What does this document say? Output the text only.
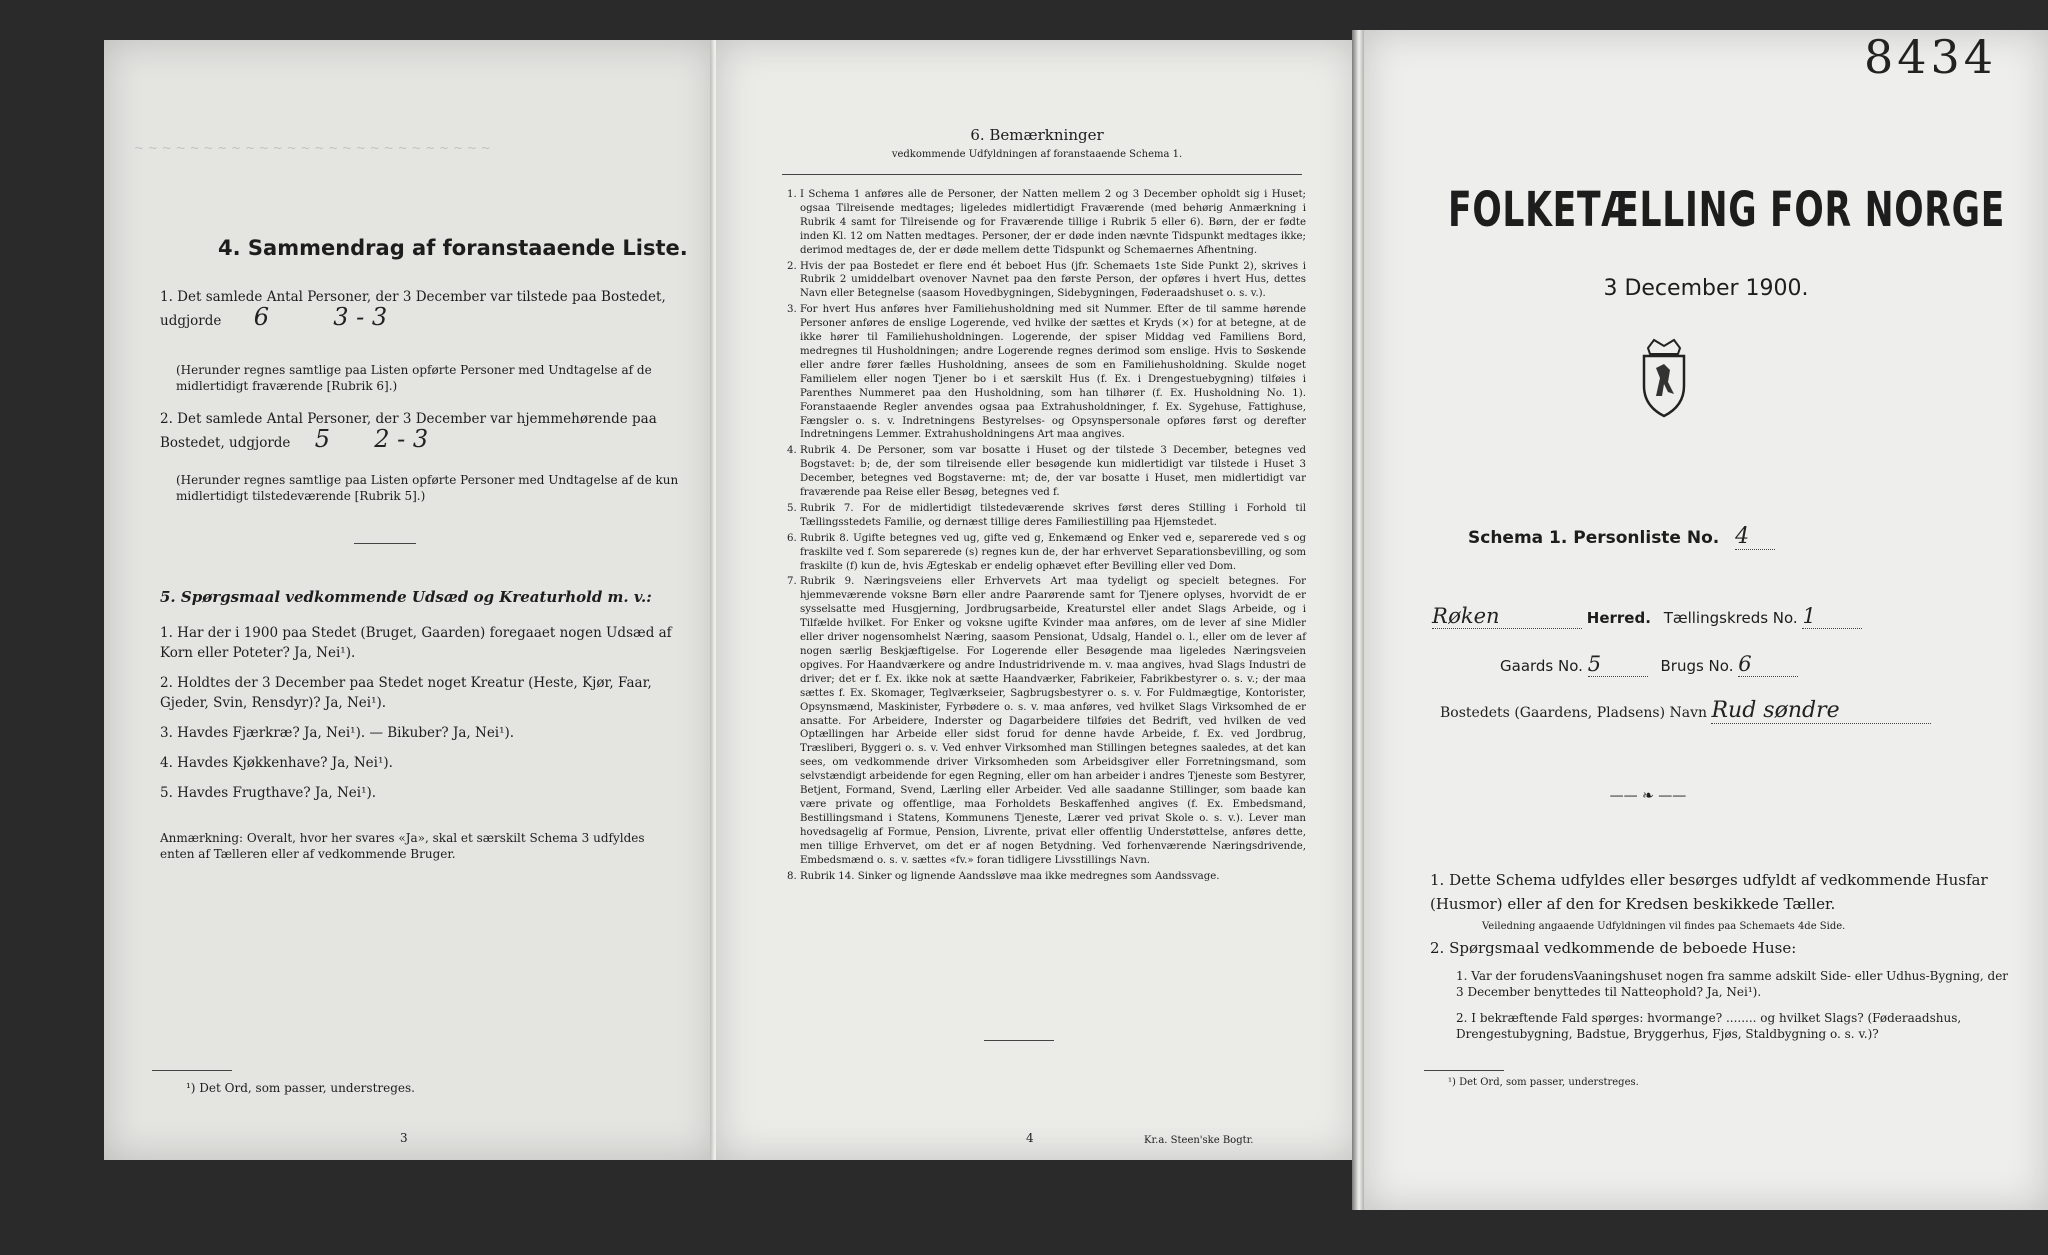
~ ~ ~ ~ ~ ~ ~ ~ ~ ~ ~ ~ ~ ~ ~ ~ ~ ~ ~ ~ ~ ~ ~ ~ ~ ~
4. Sammendrag af foranstaaende Liste.
1. Det samlede Antal Personer, der 3 December var tilstede paa Bostedet, udgjorde 6	3 - 3
(Herunder regnes samtlige paa Listen opførte Personer med Undtagelse af de midlertidigt fraværende [Rubrik 6].)
2. Det samlede Antal Personer, der 3 December var hjemmehørende paa Bostedet, udgjorde 5 2 - 3
(Herunder regnes samtlige paa Listen opførte Personer med Undtagelse af de kun midlertidigt tilstedeværende [Rubrik 5].)
5. Spørgsmaal vedkommende Udsæd og Kreaturhold m. v.:
1. Har der i 1900 paa Stedet (Bruget, Gaarden) foregaaet nogen Udsæd af Korn eller Poteter? Ja, Nei¹).
2. Holdtes der 3 December paa Stedet noget Kreatur (Heste, Kjør, Faar, Gjeder, Svin, Rensdyr)? Ja, Nei¹).
3. Havdes Fjærkræ? Ja, Nei¹). — Bikuber? Ja, Nei¹).
4. Havdes Kjøkkenhave? Ja, Nei¹).
5. Havdes Frugthave? Ja, Nei¹).
Anmærkning: Overalt, hvor her svares «Ja», skal et særskilt Schema 3 udfyldes enten af Tælleren eller af vedkommende Bruger.
¹) Det Ord, som passer, understreges.
3
6. Bemærkninger
vedkommende Udfyldningen af foranstaaende Schema 1.
1. I Schema 1 anføres alle de Personer, der Natten mellem 2 og 3 December opholdt sig i Huset; ogsaa Tilreisende medtages; ligeledes midlertidigt Fraværende (med behørig Anmærkning i Rubrik 4 samt for Tilreisende og for Fraværende tillige i Rubrik 5 eller 6). Børn, der er fødte inden Kl. 12 om Natten medtages. Personer, der er døde inden nævnte Tidspunkt medtages ikke; derimod medtages de, der er døde mellem dette Tidspunkt og Schemaernes Afhentning.
2. Hvis der paa Bostedet er flere end ét beboet Hus (jfr. Schemaets 1ste Side Punkt 2), skrives i Rubrik 2 umiddelbart ovenover Navnet paa den første Person, der opføres i hvert Hus, dettes Navn eller Betegnelse (saasom Hovedbygningen, Sidebygningen, Føderaadshuset o. s. v.).
3. For hvert Hus anføres hver Familiehusholdning med sit Nummer. Efter de til samme hørende Personer anføres de enslige Logerende, ved hvilke der sættes et Kryds (×) for at betegne, at de ikke hører til Familiehusholdningen. Logerende, der spiser Middag ved Familiens Bord, medregnes til Husholdningen; andre Logerende regnes derimod som enslige. Hvis to Søskende eller andre fører fælles Husholdning, ansees de som en Familiehusholdning. Skulde noget Familielem eller nogen Tjener bo i et særskilt Hus (f. Ex. i Drengestuebygning) tilføies i Parenthes Nummeret paa den Husholdning, som han tilhører (f. Ex. Husholdning No. 1). Foranstaaende Regler anvendes ogsaa paa Extrahusholdninger, f. Ex. Sygehuse, Fattighuse, Fængsler o. s. v. Indretningens Bestyrelses- og Opsynspersonale opføres først og derefter Indretningens Lemmer. Extrahusholdningens Art maa angives.
4. Rubrik 4. De Personer, som var bosatte i Huset og der tilstede 3 December, betegnes ved Bogstavet: b; de, der som tilreisende eller besøgende kun midlertidigt var tilstede i Huset 3 December, betegnes ved Bogstaverne: mt; de, der var bosatte i Huset, men midlertidigt var fraværende paa Reise eller Besøg, betegnes ved f.
5. Rubrik 7. For de midlertidigt tilstedeværende skrives først deres Stilling i Forhold til Tællingsstedets Familie, og dernæst tillige deres Familiestilling paa Hjemstedet.
6. Rubrik 8. Ugifte betegnes ved ug, gifte ved g, Enkemænd og Enker ved e, separerede ved s og fraskilte ved f. Som separerede (s) regnes kun de, der har erhvervet Separationsbevilling, og som fraskilte (f) kun de, hvis Ægteskab er endelig ophævet efter Bevilling eller ved Dom.
7. Rubrik 9. Næringsveiens eller Erhvervets Art maa tydeligt og specielt betegnes. For hjemmeværende voksne Børn eller andre Paarørende samt for Tjenere oplyses, hvorvidt de er sysselsatte med Husgjerning, Jordbrugsarbeide, Kreaturstel eller andet Slags Arbeide, og i Tilfælde hvilket. For Enker og voksne ugifte Kvinder maa anføres, om de lever af sine Midler eller driver nogensomhelst Næring, saasom Pensionat, Udsalg, Handel o. l., eller om de lever af nogen særlig Beskjæftigelse. For Logerende eller Besøgende maa ligeledes Næringsveien opgives. For Haandværkere og andre Industridrivende m. v. maa angives, hvad Slags Industri de driver; det er f. Ex. ikke nok at sætte Haandværker, Fabrikeier, Fabrikbestyrer o. s. v.; der maa sættes f. Ex. Skomager, Teglværkseier, Sagbrugsbestyrer o. s. v. For Fuldmægtige, Kontorister, Opsynsmænd, Maskinister, Fyrbødere o. s. v. maa anføres, ved hvilket Slags Virksomhed de er ansatte. For Arbeidere, Inderster og Dagarbeidere tilføies det Bedrift, ved hvilken de ved Optællingen har Arbeide eller sidst forud for denne havde Arbeide, f. Ex. ved Jordbrug, Træsliberi, Byggeri o. s. v. Ved enhver Virksomhed man Stillingen betegnes saaledes, at det kan sees, om vedkommende driver Virksomheden som Arbeidsgiver eller Forretningsmand, som selvstændigt arbeidende for egen Regning, eller om han arbeider i andres Tjeneste som Bestyrer, Betjent, Formand, Svend, Lærling eller Arbeider. Ved alle saadanne Stillinger, som baade kan være private og offentlige, maa Forholdets Beskaffenhed angives (f. Ex. Embedsmand, Bestillingsmand i Statens, Kommunens Tjeneste, Lærer ved privat Skole o. s. v.). Lever man hovedsagelig af Formue, Pension, Livrente, privat eller offentlig Understøttelse, anføres dette, men tillige Erhvervet, om det er af nogen Betydning. Ved forhenværende Næringsdrivende, Embedsmænd o. s. v. sættes «fv.» foran tidligere Livsstillings Navn.
8. Rubrik 14. Sinker og lignende Aandssløve maa ikke medregnes som Aandssvage.
4	Kr.a. Steen'ske Bogtr.
8434
FOLKETÆLLING FOR NORGE
3 December 1900.
Schema 1. Personliste No. 4
Røken	Herred. Tællingskreds No. 1
Gaards No. 5	Brugs No. 6
Bostedets (Gaardens, Pladsens) Navn Rud søndre
—— ❧ ——
1. Dette Schema udfyldes eller besørges udfyldt af vedkommende Husfar (Husmor) eller af den for Kredsen beskikkede Tæller.
Veiledning angaaende Udfyldningen vil findes paa Schemaets 4de Side.
2. Spørgsmaal vedkommende de beboede Huse:
1. Var der forudensVaaningshuset nogen fra samme adskilt Side- eller Udhus-Bygning, der 3 December benyttedes til Natteophold? Ja, Nei¹).
2. I bekræftende Fald spørges: hvormange? ........ og hvilket Slags? (Føderaadshus, Drengestubygning, Badstue, Bryggerhus, Fjøs, Staldbygning o. s. v.)?
¹) Det Ord, som passer, understreges.
